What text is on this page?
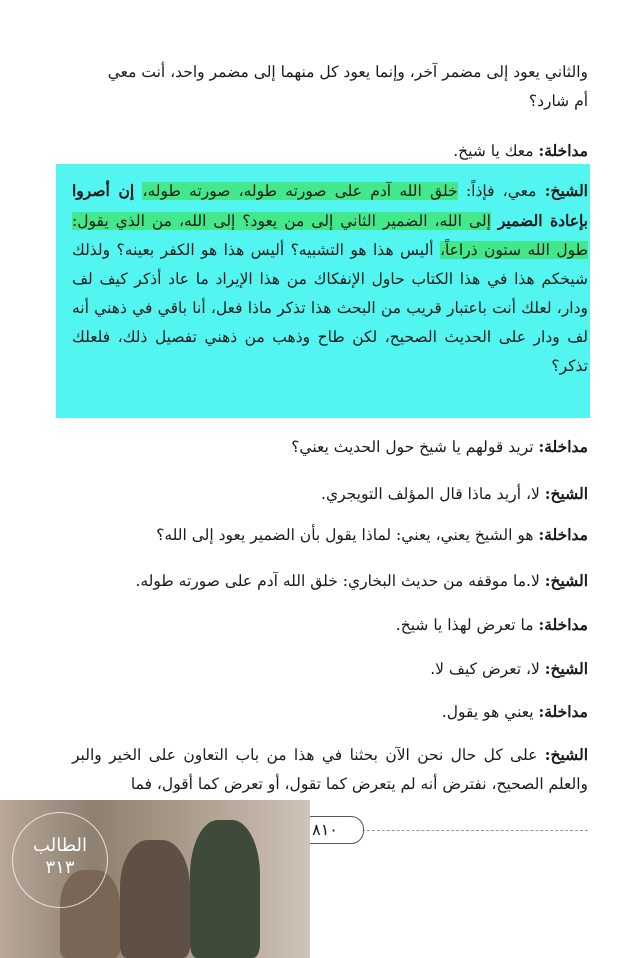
والثاني يعود إلى مضمر آخر، وإنما يعود كل منهما إلى مضمر واحد، أنت معي
أم شارد؟
مداخلة: معك يا شيخ.
الشيخ: معي، فإذاً: خلق الله آدم على صورته طوله، صورته طوله، إن أصروا بإعادة الضمير إلى الله، الضمير الثاني إلى من يعود؟ إلى الله، من الذي يقول: طول الله ستون ذراعاً، أليس هذا هو التشبيه؟ أليس هذا هو الكفر بعينه؟ ولذلك شيخكم هذا في هذا الكتاب حاول الإنفكاك من هذا الإيراد ما عاد أذكر كيف لف ودار، لعلك أنت باعتبار قريب من البحث هذا تذكر ماذا فعل، أنا باقي في ذهني أنه لف ودار على الحديث الصحيح، لكن طاح وذهب من ذهني تفصيل ذلك، فلعلك تذكر؟
مداخلة: تريد قولهم يا شيخ حول الحديث يعني؟
الشيخ: لا، أريد ماذا قال المؤلف التويجري.
مداخلة: هو الشيخ يعني، يعني: لماذا يقول بأن الضمير يعود إلى الله؟
الشيخ: لا.ما موقفه من حديث البخاري: خلق الله آدم على صورته طوله.
مداخلة: ما تعرض لهذا يا شيخ.
الشيخ: لا، تعرض كيف لا.
مداخلة: يعني هو يقول.
الشيخ: على كل حال نحن الآن بحثنا في هذا من باب التعاون على الخير والبر والعلم الصحيح، نفترض أنه لم يتعرض كما تقول، أو تعرض كما أقول، فما
٨١٠
الطالب
٣١٣
